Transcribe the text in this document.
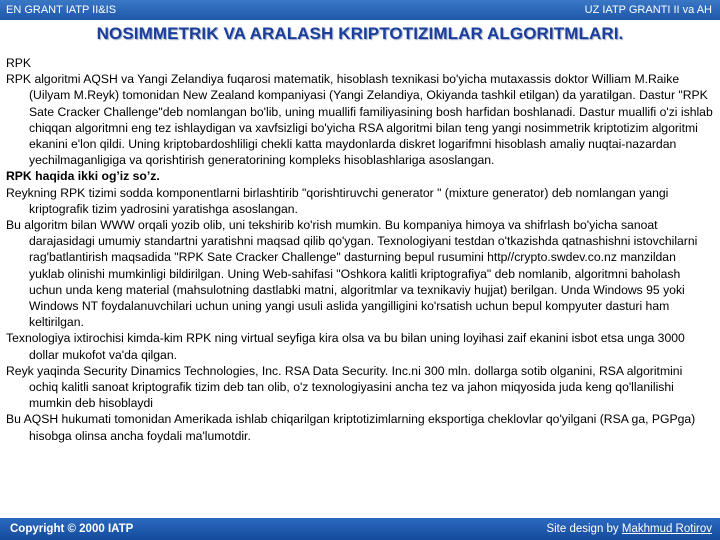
EN GRANT IATP II&IS	UZ IATP GRANTI II va AH
NOSIMMETRIK VA ARALASH KRIPTOTIZIMLAR ALGORITMLARI.

RPK

RPK algoritmi AQSH va Yangi Zelandiya fuqarosi matematik, hisoblash texnikasi bo'yicha mutaxassis doktor William M.Raike (Uilyam M.Reyk) tomonidan New Zealand kompaniyasi (Yangi Zelandiya, Okiyanda tashkil etilgan) da yaratilgan. Dastur "RPK Sate Cracker Challenge"deb nomlangan bo'lib, uning muallifi familiyasining bosh harfidan boshlanadi. Dastur muallifi o'zi ishlab chiqqan algoritmni eng tez ishlaydigan va xavfsizligi bo'yicha RSA algoritmi bilan teng yangi nosimmetrik kriptotizim algoritmi ekanini e'lon qildi. Uning kriptobardoshliligi chekli katta maydonlarda diskret logarifmni hisoblash amaliy nuqtai-nazardan yechilmaganligiga va qorishtirish generatorining kompleks hisoblashlariga asoslangan.

RPK haqida ikki og’iz so’z.

Reykning RPK tizimi sodda komponentlarni birlashtirib "qorishtiruvchi generator " (mixture generator) deb nomlangan yangi kriptografik tizim yadrosini yaratishga asoslangan.

Bu algoritm bilan WWW orqali yozib olib, uni tekshirib ko'rish mumkin. Bu kompaniya himoya va shifrlash bo'yicha sanoat darajasidagi umumiy standartni yaratishni maqsad qilib qo'ygan. Texnologiyani testdan o'tkazishda qatnashishni istovchilarni rag'batlantirish maqsadida "RPK Sate Cracker Challenge" dasturning bepul rusumini http//crypto.swdev.co.nz manzildan yuklab olinishi mumkinligi bildirilgan. Uning Web-sahifasi "Oshkora kalitli kriptografiya" deb nomlanib, algoritmni baholash uchun unda keng material (mahsulotning dastlabki matni, algoritmlar va texnikaviy hujjat) berilgan. Unda Windows 95 yoki Windows NT foydalanuvchilari uchun uning yangi usuli aslida yangilligini ko'rsatish uchun bepul kompyuter dasturi ham keltirilgan.

Texnologiya ixtirochisi kimda-kim RPK ning virtual seyfiga kira olsa va bu bilan uning loyihasi zaif ekanini isbot etsa unga 3000 dollar mukofot va'da qilgan.

Reyk yaqinda Security Dinamics Technologies, Inc. RSA Data Security. Inc.ni 300 mln. dollarga sotib olganini, RSA algoritmini ochiq kalitli sanoat kriptografik tizim deb tan olib, o'z texnologiyasini ancha tez va jahon miqyosida juda keng qo'llanilishi mumkin deb hisoblaydi

Bu AQSH hukumati tomonidan Amerikada ishlab chiqarilgan kriptotizimlarning eksportiga cheklovlar qo'yilgani (RSA ga, PGPga) hisobga olinsa ancha foydali ma'lumotdir.

Copyright © 2000 IATP	Site design by Makhmud Rotirov
